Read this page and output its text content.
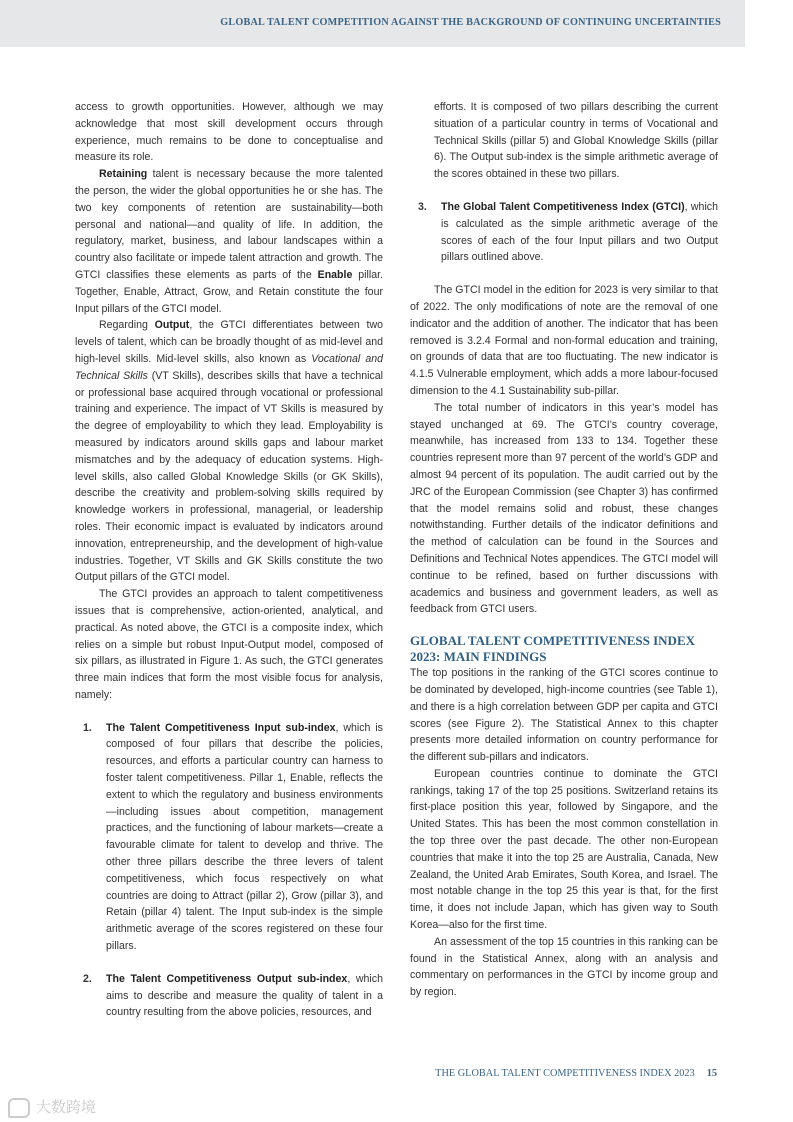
GLOBAL TALENT COMPETITION AGAINST THE BACKGROUND OF CONTINUING UNCERTAINTIES

access to growth opportunities. However, although we may acknowledge that most skill development occurs through experience, much remains to be done to conceptualise and measure its role.

Retaining talent is necessary because the more talented the person, the wider the global opportunities he or she has. The two key components of retention are sustainability—both personal and national—and quality of life. In addition, the regulatory, market, business, and labour landscapes within a country also facilitate or impede talent attraction and growth. The GTCI classifies these elements as parts of the Enable pillar. Together, Enable, Attract, Grow, and Retain constitute the four Input pillars of the GTCI model.

Regarding Output, the GTCI differentiates between two levels of talent, which can be broadly thought of as mid-level and high-level skills. Mid-level skills, also known as Vocational and Technical Skills (VT Skills), describes skills that have a technical or professional base acquired through vocational or professional training and experience. The impact of VT Skills is measured by the degree of employability to which they lead. Employability is measured by indicators around skills gaps and labour market mismatches and by the adequacy of education systems. High-level skills, also called Global Knowledge Skills (or GK Skills), describe the creativity and problem-solving skills required by knowledge workers in professional, managerial, or leadership roles. Their economic impact is evaluated by indicators around innovation, entrepreneurship, and the development of high-value industries. Together, VT Skills and GK Skills constitute the two Output pillars of the GTCI model.

The GTCI provides an approach to talent competitiveness issues that is comprehensive, action-oriented, analytical, and practical. As noted above, the GTCI is a composite index, which relies on a simple but robust Input-Output model, composed of six pillars, as illustrated in Figure 1. As such, the GTCI generates three main indices that form the most visible focus for analysis, namely:

1. The Talent Competitiveness Input sub-index, which is composed of four pillars that describe the policies, resources, and efforts a particular country can harness to foster talent competitiveness. Pillar 1, Enable, reflects the extent to which the regulatory and business environments—including issues about competition, management practices, and the functioning of labour markets—create a favourable climate for talent to develop and thrive. The other three pillars describe the three levers of talent competitiveness, which focus respectively on what countries are doing to Attract (pillar 2), Grow (pillar 3), and Retain (pillar 4) talent. The Input sub-index is the simple arithmetic average of the scores registered on these four pillars.
2. The Talent Competitiveness Output sub-index, which aims to describe and measure the quality of talent in a country resulting from the above policies, resources, and

efforts. It is composed of two pillars describing the current situation of a particular country in terms of Vocational and Technical Skills (pillar 5) and Global Knowledge Skills (pillar 6). The Output sub-index is the simple arithmetic average of the scores obtained in these two pillars.

3. The Global Talent Competitiveness Index (GTCI), which is calculated as the simple arithmetic average of the scores of each of the four Input pillars and two Output pillars outlined above.

The GTCI model in the edition for 2023 is very similar to that of 2022. The only modifications of note are the removal of one indicator and the addition of another. The indicator that has been removed is 3.2.4 Formal and non-formal education and training, on grounds of data that are too fluctuating. The new indicator is 4.1.5 Vulnerable employment, which adds a more labour-focused dimension to the 4.1 Sustainability sub-pillar.

The total number of indicators in this year’s model has stayed unchanged at 69. The GTCI’s country coverage, meanwhile, has increased from 133 to 134. Together these countries represent more than 97 percent of the world’s GDP and almost 94 percent of its population. The audit carried out by the JRC of the European Commission (see Chapter 3) has confirmed that the model remains solid and robust, these changes notwithstanding. Further details of the indicator definitions and the method of calculation can be found in the Sources and Definitions and Technical Notes appendices. The GTCI model will continue to be refined, based on further discussions with academics and business and government leaders, as well as feedback from GTCI users.

GLOBAL TALENT COMPETITIVENESS INDEX 2023: MAIN FINDINGS

The top positions in the ranking of the GTCI scores continue to be dominated by developed, high-income countries (see Table 1), and there is a high correlation between GDP per capita and GTCI scores (see Figure 2). The Statistical Annex to this chapter presents more detailed information on country performance for the different sub-pillars and indicators.

European countries continue to dominate the GTCI rankings, taking 17 of the top 25 positions. Switzerland retains its first-place position this year, followed by Singapore, and the United States. This has been the most common constellation in the top three over the past decade. The other non-European countries that make it into the top 25 are Australia, Canada, New Zealand, the United Arab Emirates, South Korea, and Israel. The most notable change in the top 25 this year is that, for the first time, it does not include Japan, which has given way to South Korea—also for the first time.

An assessment of the top 15 countries in this ranking can be found in the Statistical Annex, along with an analysis and commentary on performances in the GTCI by income group and by region.

THE GLOBAL TALENT COMPETITIVENESS INDEX 2023 15
大数跨境
